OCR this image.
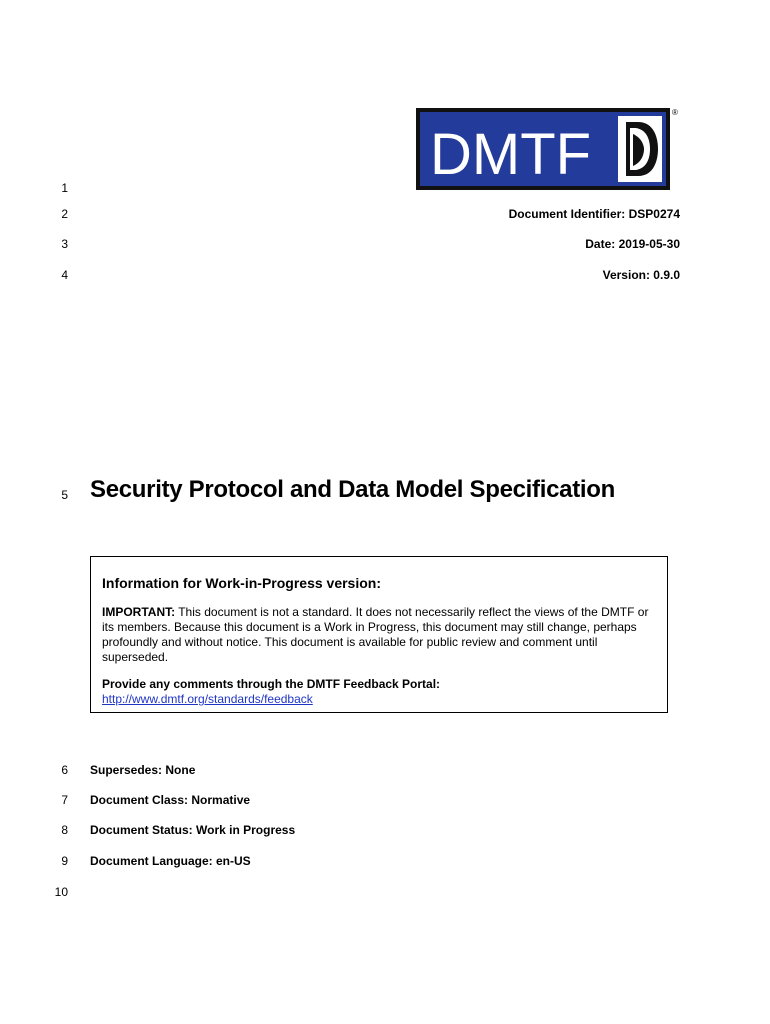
DMTF
®
1
2
3
4
5
6
7
8
9
10
Document Identifier: DSP0274
Date: 2019-05-30
Version: 0.9.0
Security Protocol and Data Model Specification
Information for Work-in-Progress version:
IMPORTANT: This document is not a standard. It does not necessarily reflect the views of the DMTF or its members. Because this document is a Work in Progress, this document may still change, perhaps profoundly and without notice. This document is available for public review and comment until superseded.
Provide any comments through the DMTF Feedback Portal:
http://www.dmtf.org/standards/feedback
Supersedes: None
Document Class: Normative
Document Status: Work in Progress
Document Language: en-US
